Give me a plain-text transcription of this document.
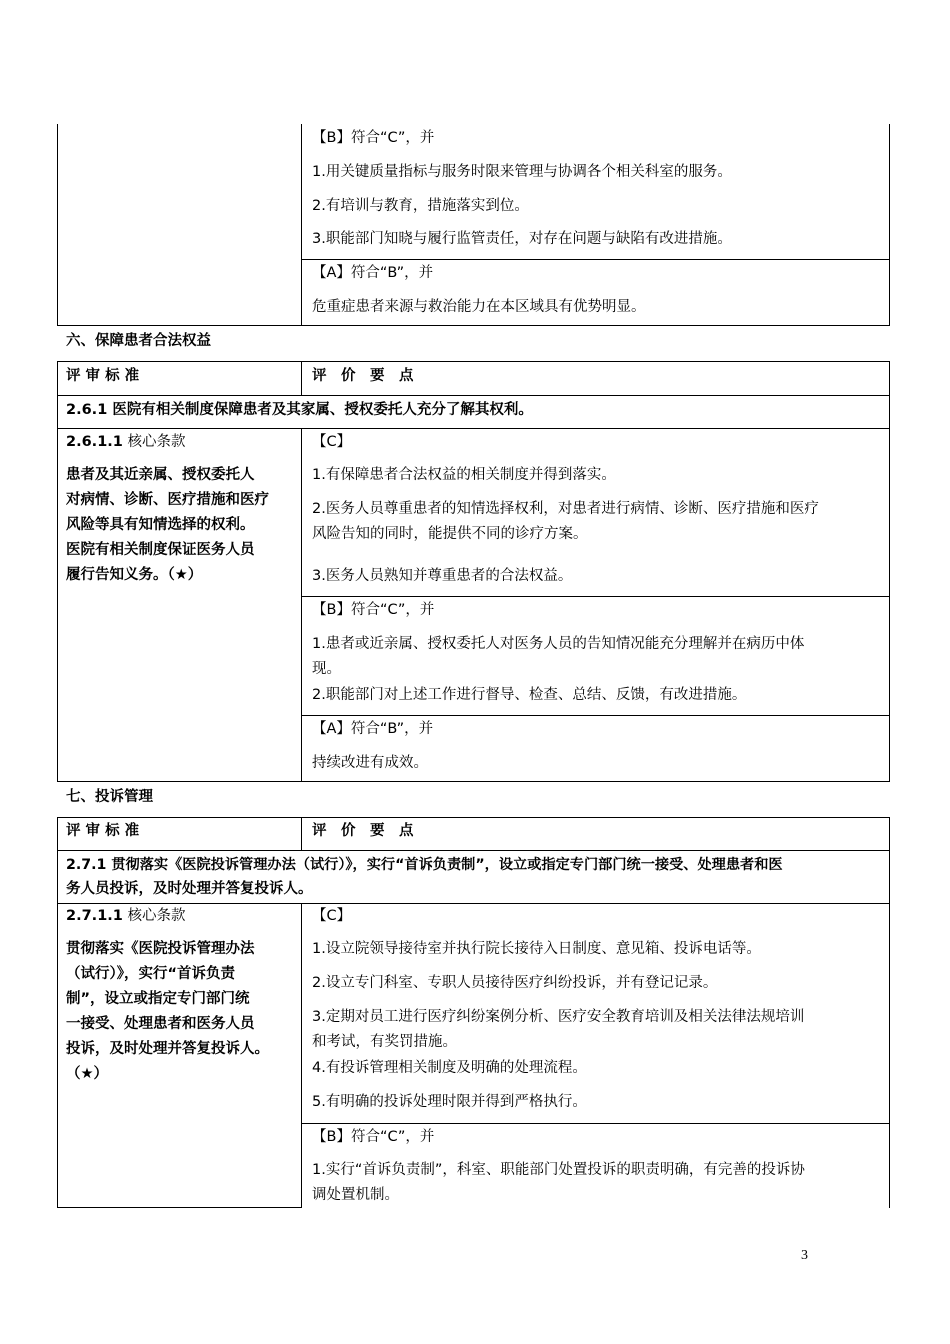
【B】符合“C”，并
1.用关键质量指标与服务时限来管理与协调各个相关科室的服务。
2.有培训与教育，措施落实到位。
3.职能部门知晓与履行监管责任，对存在问题与缺陷有改进措施。
【A】符合“B”，并
危重症患者来源与救治能力在本区域具有优势明显。
六、保障患者合法权益
评 审 标 准	评　价　要　点
2.6.1 医院有相关制度保障患者及其家属、授权委托人充分了解其权利。
2.6.1.1 核心条款
患者及其近亲属、授权委托人
对病情、诊断、医疗措施和医疗
风险等具有知情选择的权利。
医院有相关制度保证医务人员
履行告知义务。（★）
【C】
1.有保障患者合法权益的相关制度并得到落实。
2.医务人员尊重患者的知情选择权利，对患者进行病情、诊断、医疗措施和医疗
风险告知的同时，能提供不同的诊疗方案。
3.医务人员熟知并尊重患者的合法权益。
【B】符合“C”，并
1.患者或近亲属、授权委托人对医务人员的告知情况能充分理解并在病历中体
现。
2.职能部门对上述工作进行督导、检查、总结、反馈，有改进措施。
【A】符合“B”，并
持续改进有成效。
七、投诉管理
评 审 标 准	评　价　要　点
2.7.1 贯彻落实《医院投诉管理办法（试行）》，实行“首诉负责制”，设立或指定专门部门统一接受、处理患者和医
务人员投诉，及时处理并答复投诉人。
2.7.1.1 核心条款
贯彻落实《医院投诉管理办法
（试行）》，实行“首诉负责
制”，设立或指定专门部门统
一接受、处理患者和医务人员
投诉，及时处理并答复投诉人。
（★）
【C】
1.设立院领导接待室并执行院长接待入日制度、意见箱、投诉电话等。
2.设立专门科室、专职人员接待医疗纠纷投诉，并有登记记录。
3.定期对员工进行医疗纠纷案例分析、医疗安全教育培训及相关法律法规培训
和考试，有奖罚措施。
4.有投诉管理相关制度及明确的处理流程。
5.有明确的投诉处理时限并得到严格执行。
【B】符合“C”，并
1.实行“首诉负责制”，科室、职能部门处置投诉的职责明确，有完善的投诉协
调处置机制。
3
